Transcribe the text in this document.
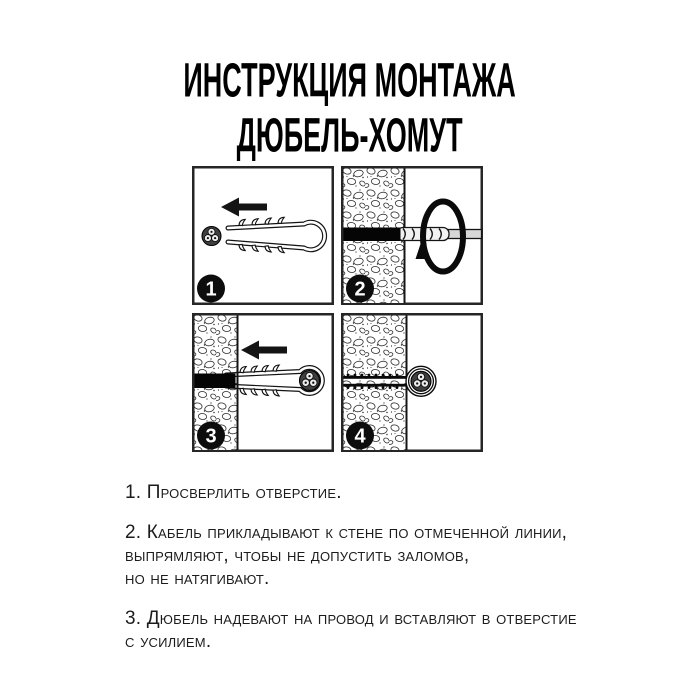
ИНСТРУКЦИЯ МОНТАЖА
ДЮБЕЛЬ-ХОМУТ
1	2
3	4

1. Просверлить отверстие.

2. Кабель прикладывают к стене по отмеченной линии,
выпрямляют, чтобы не допустить заломов,
но не натягивают.

3. Дюбель надевают на провод и вставляют в отверстие
с усилием.
